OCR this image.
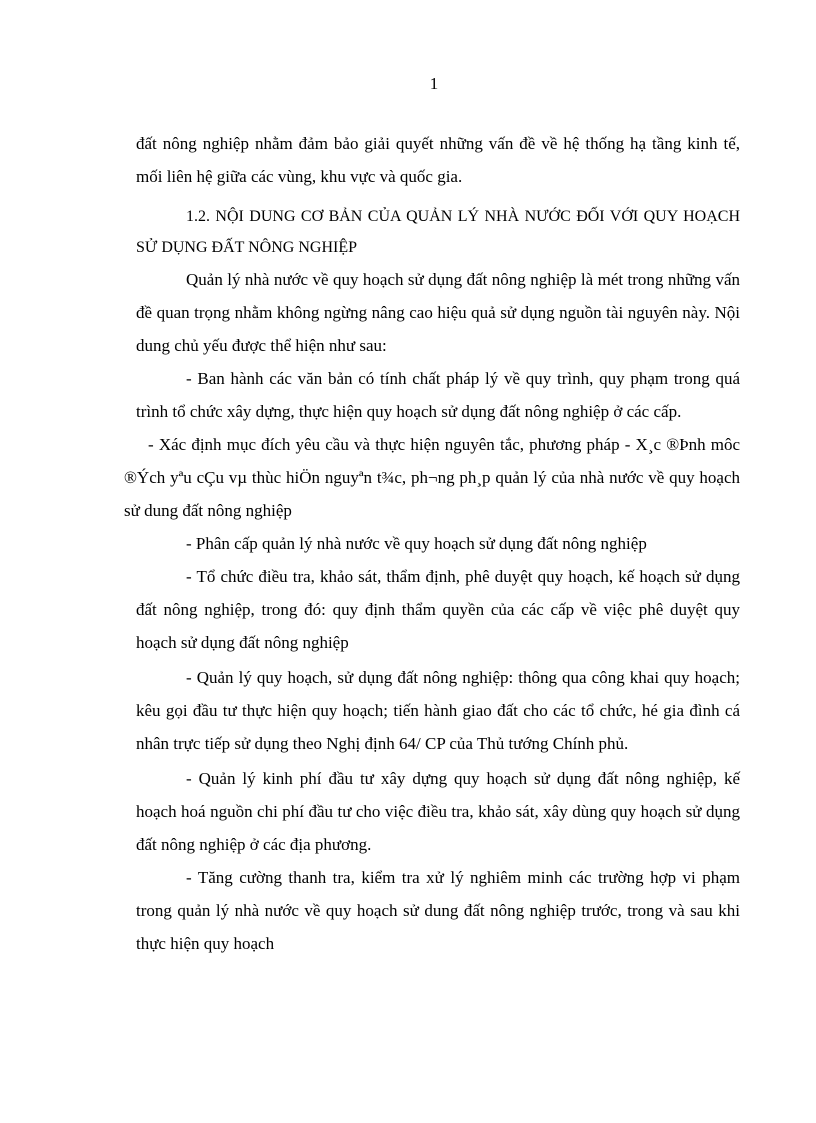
1

đất nông nghiệp nhằm đảm bảo giải quyết những vấn đề về hệ thống hạ tầng kinh tế, mối liên hệ giữa các vùng, khu vực và quốc gia.

1.2. NỘI DUNG CƠ BẢN CỦA QUẢN LÝ NHÀ NƯỚC ĐỐI VỚI QUY HOẠCH SỬ DỤNG ĐẤT NÔNG NGHIỆP

Quản lý nhà nước về quy hoạch sử dụng đất nông nghiệp là mét trong những vấn đề quan trọng nhằm không ngừng nâng cao hiệu quả sử dụng nguồn tài nguyên này. Nội dung chủ yếu được thể hiện như sau:

- Ban hành các văn bản có tính chất pháp lý về quy trình, quy phạm trong quá trình tổ chức xây dựng, thực hiện quy hoạch sử dụng đất nông nghiệp ở các cấp.

- Xác định mục đích yêu cầu và thực hiện nguyên tắc, phương pháp - X¸c ®Þnh môc ®Ých yªu cÇu vµ thùc hiÖn nguyªn t¾c, ph¬ng ph¸p quản lý của nhà nước về quy hoạch sử dung đất nông nghiệp

- Phân cấp quản lý nhà nước về quy hoạch sử dụng đất nông nghiệp

- Tổ chức điều tra, khảo sát, thẩm định, phê duyệt quy hoạch, kế hoạch sử dụng đất nông nghiệp, trong đó: quy định thẩm quyền của các cấp về việc phê duyệt quy hoạch sử dụng đất nông nghiệp

- Quản lý quy hoạch, sử dụng đất nông nghiệp: thông qua công khai quy hoạch; kêu gọi đầu tư thực hiện quy hoạch; tiến hành giao đất cho các tổ chức, hé gia đình cá nhân trực tiếp sử dụng theo Nghị định 64/ CP của Thủ tướng Chính phủ.

- Quản lý kinh phí đầu tư xây dựng quy hoạch sử dụng đất nông nghiệp, kế hoạch hoá nguồn chi phí đầu tư cho việc điều tra, khảo sát, xây dùng quy hoạch sử dụng đất nông nghiệp ở các địa phương.

- Tăng cường thanh tra, kiểm tra xử lý nghiêm minh các trường hợp vi phạm trong quản lý nhà nước về quy hoạch sử dung đất nông nghiệp trước, trong và sau khi thực hiện quy hoạch
